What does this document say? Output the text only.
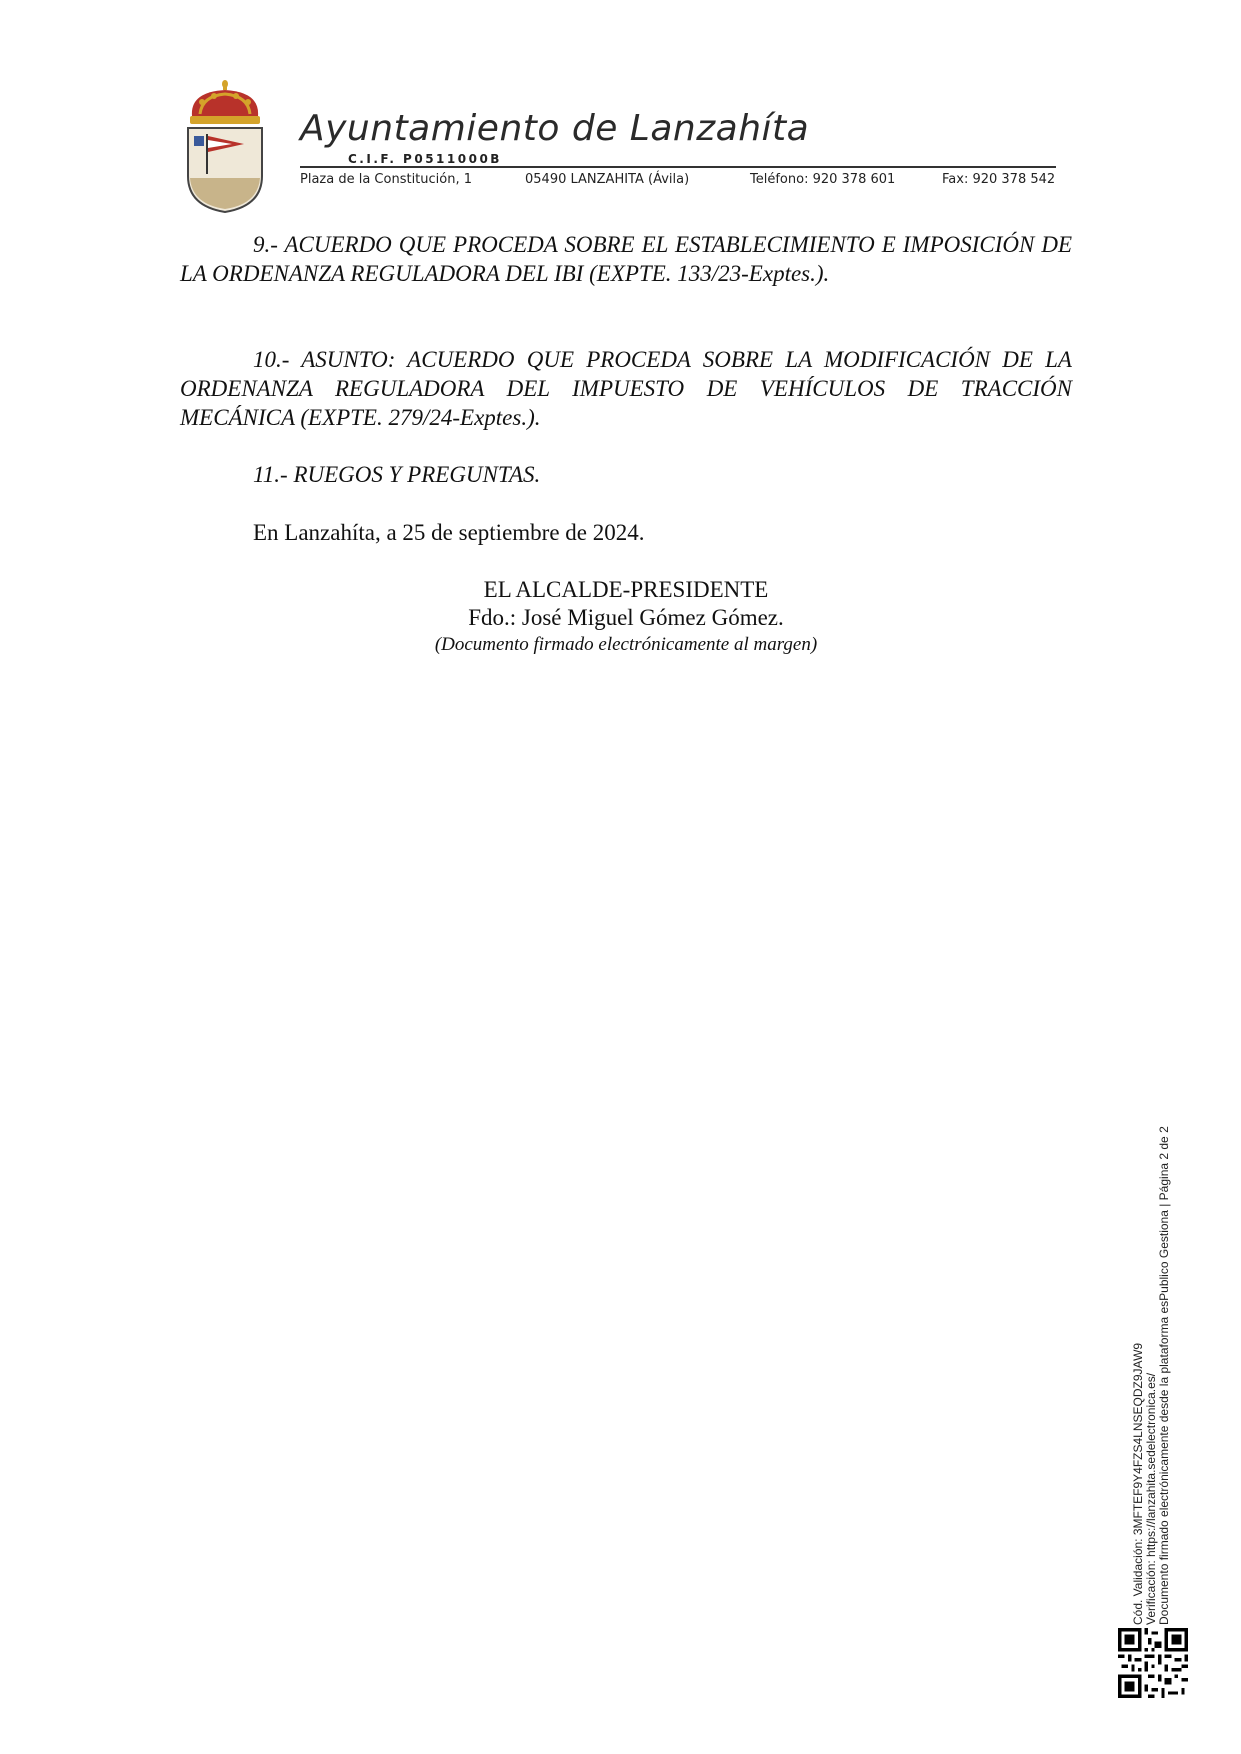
Ayuntamiento de Lanzahíta
C.I.F. P0511000B
Plaza de la Constitución, 1	05490 LANZAHITA (Ávila)	Teléfono: 920 378 601	Fax: 920 378 542

9.- ACUERDO QUE PROCEDA SOBRE EL ESTABLECIMIENTO E IMPOSICIÓN DE LA ORDENANZA REGULADORA DEL IBI (EXPTE. 133/23-Exptes.).

10.- ASUNTO: ACUERDO QUE PROCEDA SOBRE LA MODIFICACIÓN DE LA ORDENANZA REGULADORA DEL IMPUESTO DE VEHÍCULOS DE TRACCIÓN MECÁNICA (EXPTE. 279/24-Exptes.).

11.- RUEGOS Y PREGUNTAS.

En Lanzahíta, a 25 de septiembre de 2024.

EL ALCALDE-PRESIDENTE
Fdo.: José Miguel Gómez Gómez.
(Documento firmado electrónicamente al margen)
Cód. Validación: 3MFTEF9Y4FZS4LNSEQDZ9JAW9 Verificación: https://lanzahita.sedelectronica.es/ Documento firmado electrónicamente desde la plataforma esPublico Gestiona | Página 2 de 2
